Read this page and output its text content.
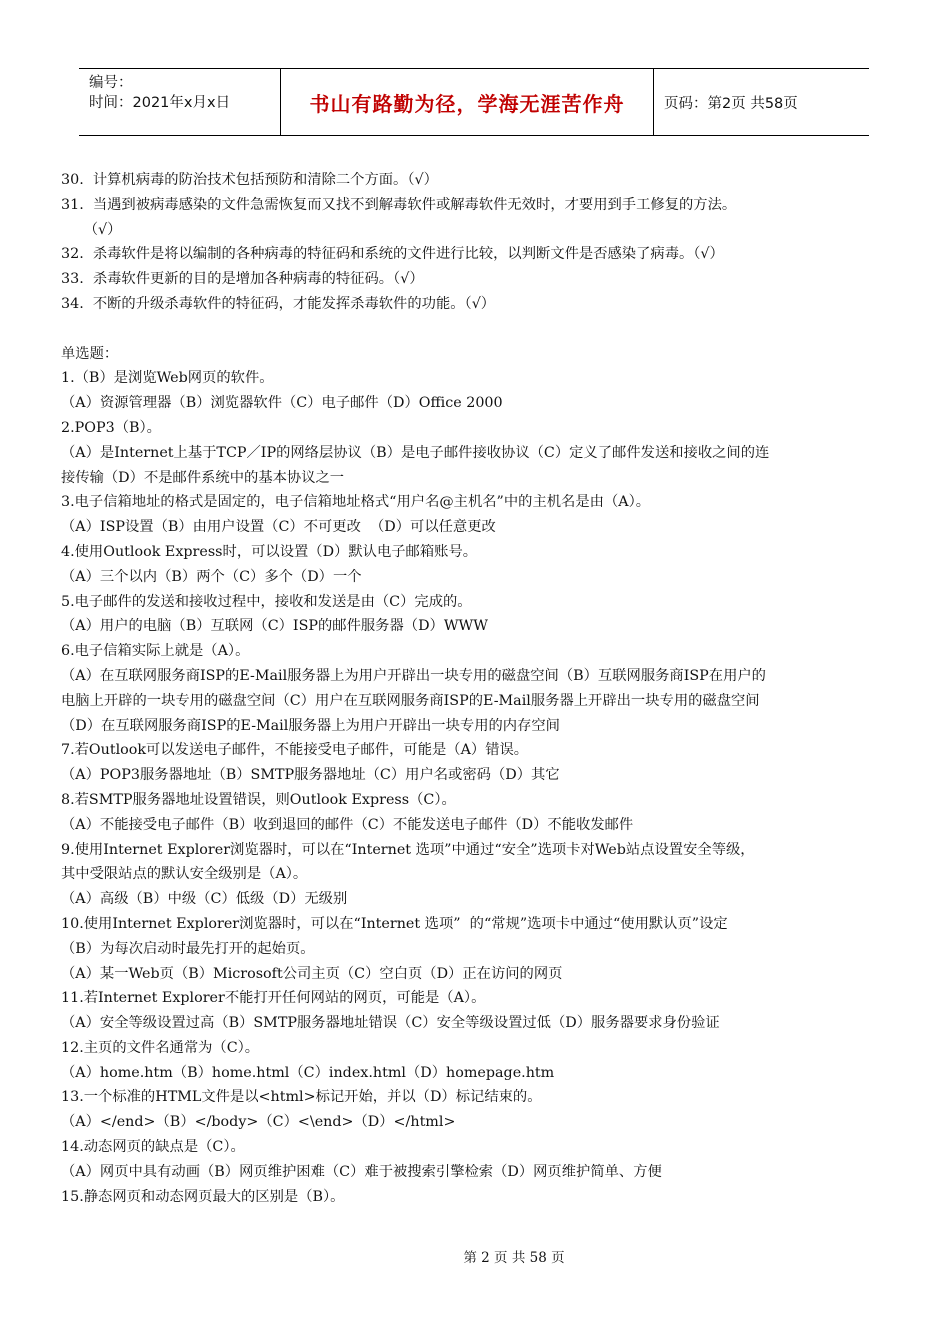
编号：
时间：2021年x月x日	书山有路勤为径，学海无涯苦作舟	页码：第2页 共58页

30.  计算机病毒的防治技术包括预防和清除二个方面。（√）

31.  当遇到被病毒感染的文件急需恢复而又找不到解毒软件或解毒软件无效时，才要用到手工修复的方法。

（√）

32.  杀毒软件是将以编制的各种病毒的特征码和系统的文件进行比较，以判断文件是否感染了病毒。（√）

33.  杀毒软件更新的目的是增加各种病毒的特征码。（√）

34.  不断的升级杀毒软件的特征码，才能发挥杀毒软件的功能。（√）

单选题：

1.（B）是浏览Web网页的软件。

（A）资源管理器（B）浏览器软件（C）电子邮件（D）Office 2000

2.POP3（B）。

（A）是Internet上基于TCP／IP的网络层协议（B）是电子邮件接收协议（C）定义了邮件发送和接收之间的连

接传输（D）不是邮件系统中的基本协议之一

3.电子信箱地址的格式是固定的，电子信箱地址格式“用户名@主机名”中的主机名是由（A）。

（A）ISP设置（B）由用户设置（C）不可更改  （D）可以任意更改

4.使用Outlook Express时，可以设置（D）默认电子邮箱账号。

（A）三个以内（B）两个（C）多个（D）一个

5.电子邮件的发送和接收过程中，接收和发送是由（C）完成的。

（A）用户的电脑（B）互联网（C）ISP的邮件服务器（D）WWW

6.电子信箱实际上就是（A）。

（A）在互联网服务商ISP的E-Mail服务器上为用户开辟出一块专用的磁盘空间（B）互联网服务商ISP在用户的

电脑上开辟的一块专用的磁盘空间（C）用户在互联网服务商ISP的E-Mail服务器上开辟出一块专用的磁盘空间

（D）在互联网服务商ISP的E-Mail服务器上为用户开辟出一块专用的内存空间

7.若Outlook可以发送电子邮件，不能接受电子邮件，可能是（A）错误。

（A）POP3服务器地址（B）SMTP服务器地址（C）用户名或密码（D）其它

8.若SMTP服务器地址设置错误，则Outlook Express（C）。

（A）不能接受电子邮件（B）收到退回的邮件（C）不能发送电子邮件（D）不能收发邮件

9.使用Internet Explorer浏览器时，可以在“Internet 选项”中通过“安全”选项卡对Web站点设置安全等级，

其中受限站点的默认安全级别是（A）。

（A）高级（B）中级（C）低级（D）无级别

10.使用Internet Explorer浏览器时，可以在“Internet 选项”  的“常规”选项卡中通过“使用默认页”设定

（B）为每次启动时最先打开的起始页。

（A）某一Web页（B）Microsoft公司主页（C）空白页（D）正在访问的网页

11.若Internet Explorer不能打开任何网站的网页，可能是（A）。

（A）安全等级设置过高（B）SMTP服务器地址错误（C）安全等级设置过低（D）服务器要求身份验证

12.主页的文件名通常为（C）。

（A）home.htm（B）home.html（C）index.html（D）homepage.htm

13.一个标准的HTML文件是以<html>标记开始，并以（D）标记结束的。

（A）</end>（B）</body>（C）<\end>（D）</html>

14.动态网页的缺点是（C）。

（A）网页中具有动画（B）网页维护困难（C）难于被搜索引擎检索（D）网页维护简单、方便

15.静态网页和动态网页最大的区别是（B）。

第 2 页 共 58 页
